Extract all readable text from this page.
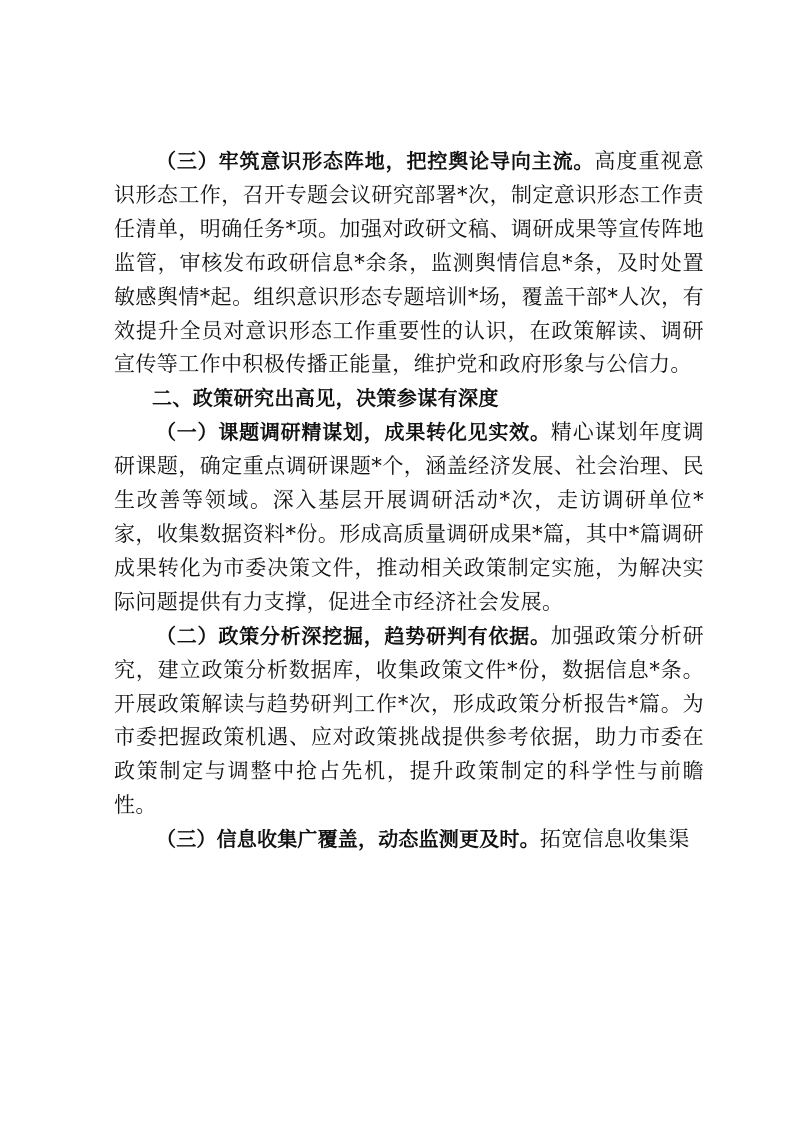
（三）牢筑意识形态阵地，把控舆论导向主流。高度重视意识形态工作，召开专题会议研究部署*次，制定意识形态工作责任清单，明确任务*项。加强对政研文稿、调研成果等宣传阵地监管，审核发布政研信息*余条，监测舆情信息*条，及时处置敏感舆情*起。组织意识形态专题培训*场，覆盖干部*人次，有效提升全员对意识形态工作重要性的认识，在政策解读、调研宣传等工作中积极传播正能量，维护党和政府形象与公信力。

二、政策研究出高见，决策参谋有深度

（一）课题调研精谋划，成果转化见实效。精心谋划年度调研课题，确定重点调研课题*个，涵盖经济发展、社会治理、民生改善等领域。深入基层开展调研活动*次，走访调研单位*家，收集数据资料*份。形成高质量调研成果*篇，其中*篇调研成果转化为市委决策文件，推动相关政策制定实施，为解决实际问题提供有力支撑，促进全市经济社会发展。

（二）政策分析深挖掘，趋势研判有依据。加强政策分析研究，建立政策分析数据库，收集政策文件*份，数据信息*条。开展政策解读与趋势研判工作*次，形成政策分析报告*篇。为市委把握政策机遇、应对政策挑战提供参考依据，助力市委在政策制定与调整中抢占先机，提升政策制定的科学性与前瞻性。

（三）信息收集广覆盖，动态监测更及时。拓宽信息收集渠
